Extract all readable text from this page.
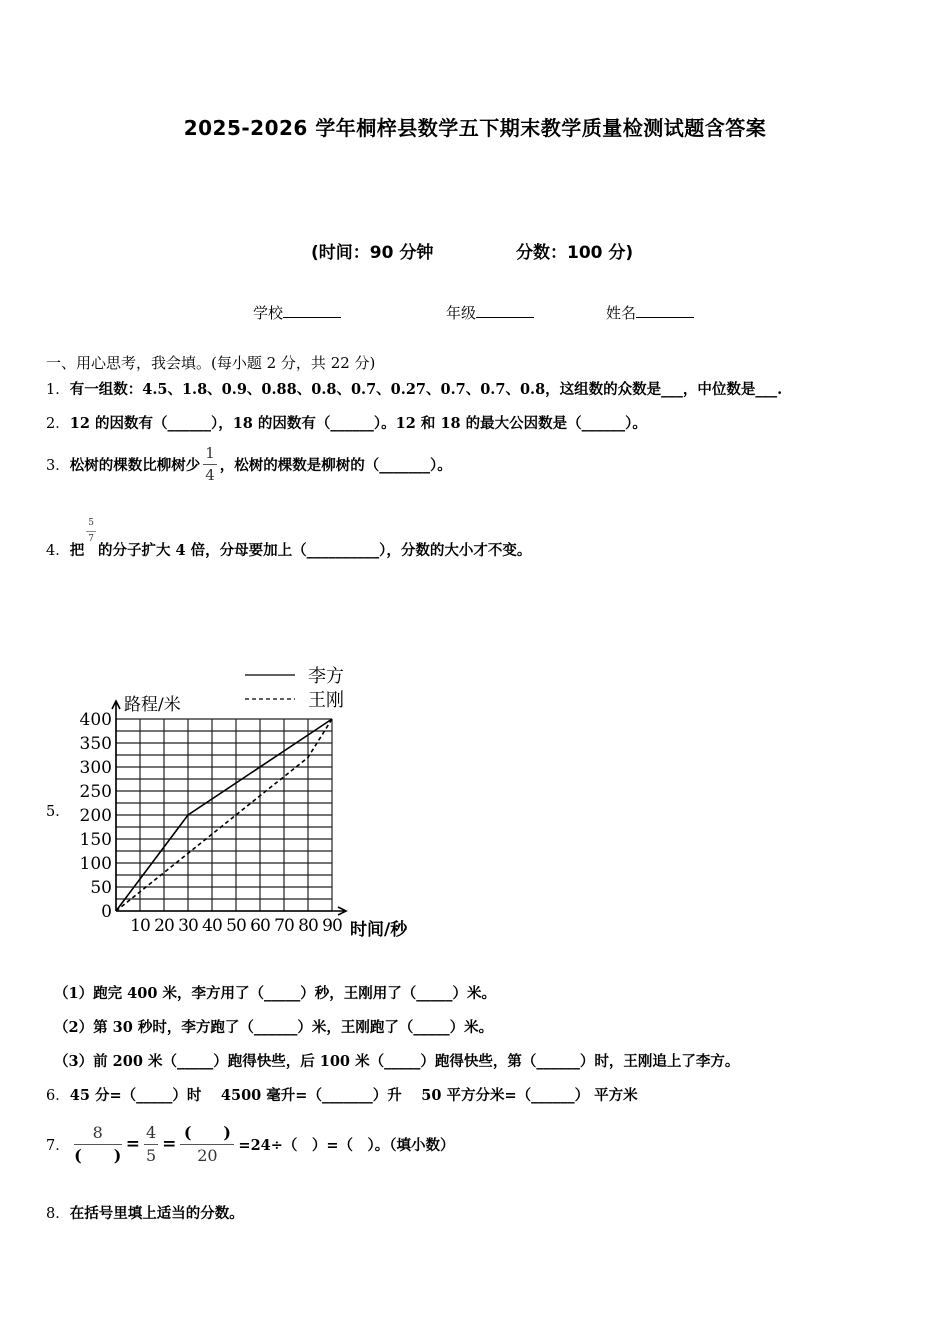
2025-2026 学年桐梓县数学五下期末教学质量检测试题含答案
(时间：90 分钟	分数：100 分)
学校	年级	姓名
一、用心思考，我会填。(每小题 2 分，共 22 分)
1．有一组数：4.5、1.8、0.9、0.88、0.8、0.7、0.27、0.7、0.7、0.8，这组数的众数是___，中位数是___.
2．12 的因数有（______），18 的因数有（______）。12 和 18 的最大公因数是（______）。
3． 松树的棵数比柳树少 $\frac{1}{4}$ ，松树的棵数是柳树的（_______）。
4． 把
$\frac{5}{7}$
的分子扩大 4 倍，分母要加上（__________），分数的大小才不变。
5．
0
50
100
150
200
250
300
350
400
10 20 30 40 50 60 70 80 90
李方
王刚
路程/米
时间/秒
（1）跑完 400 米，李方用了（_____）秒，王刚用了（_____）米。
（2）第 30 秒时，李方跑了（______）米，王刚跑了（_____）米。
（3）前 200 米（_____）跑得快些，后 100 米（_____）跑得快些，第（______）时，王刚追上了李方。
6．45 分=（_____）时　 4500 毫升=（_______）升　 50 平方分米=（______） 平方米
7． $\frac{8}{( )} = \frac{4}{5} = \frac{( )}{20} =24\div$（　）=（　）。（填小数）
8．在括号里填上适当的分数。
